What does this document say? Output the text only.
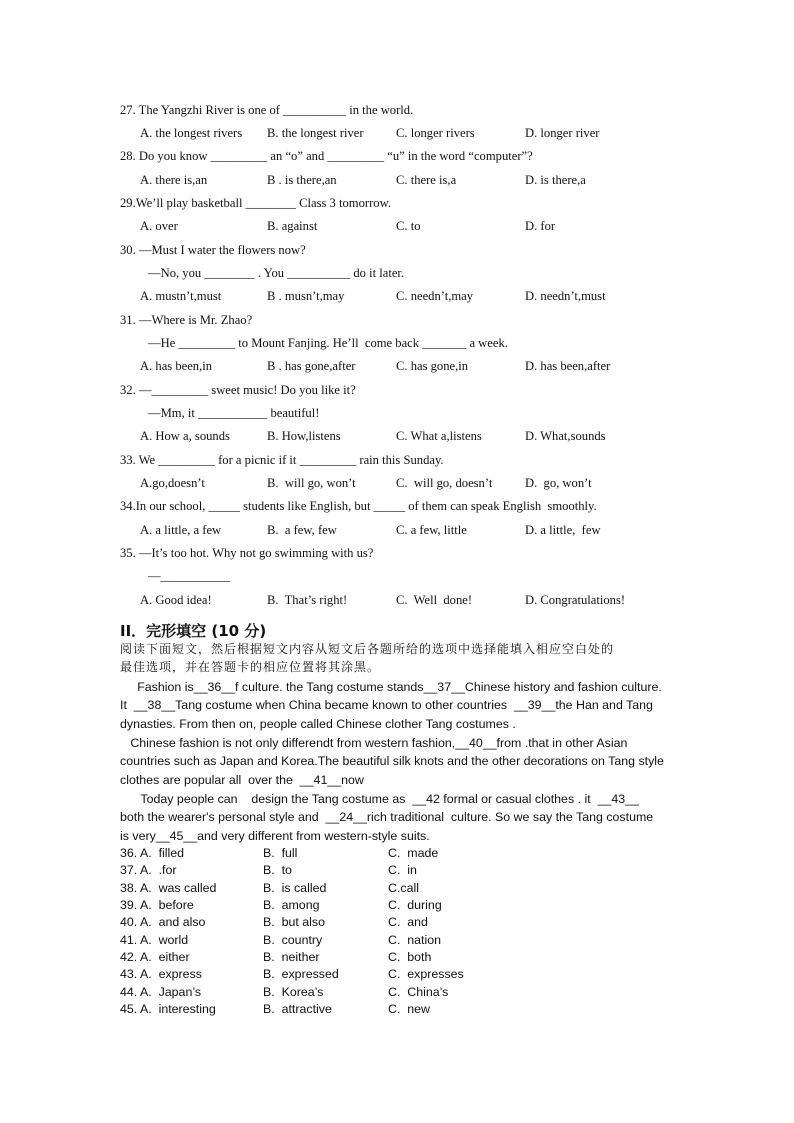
27. The Yangzhi River is one of __________ in the world.
A. the longest rivers B. the longest river	C. longer rivers	D. longer river
28. Do you know _________ an “o” and _________ “u” in the word “computer”?
A. there is,an	B . is there,an	C. there is,a	D. is there,a
29.We’ll play basketball ________ Class 3 tomorrow.
A. over	B. against	C. to	D. for
30. —Must I water the flowers now?
—No, you ________ . You __________ do it later.
A. mustn’t,must	B . musn’t,may	C. needn’t,may	D. needn’t,must
31. —Where is Mr. Zhao?
—He _________ to Mount Fanjing. He’ll  come back _______ a week.
A. has been,in	B . has gone,after	C. has gone,in	D. has been,after
32. —_________ sweet music! Do you like it?
—Mm, it ___________ beautiful!
A. How a, sounds	B. How,listens	C. What a,listens	D. What,sounds
33. We _________ for a picnic if it _________ rain this Sunday.
A.go,doesn’t	B.  will go, won’t	C.  will go, doesn’t	D.  go, won’t
34.In our school, _____ students like English, but _____ of them can speak English  smoothly.
A. a little, a few	B.  a few, few	C. a few, little	D. a little,  few
35. —It’s too hot. Why not go swimming with us?
—___________
A. Good idea!	B.  That’s right!	C.  Well  done!	D. Congratulations!
II．完形填空 (10 分)
阅读下面短文，然后根据短文内容从短文后各题所给的选项中选择能填入相应空白处的
最佳选项，并在答题卡的相应位置将其涂黑。
Fashion is__36__f culture. the Tang costume stands__37__Chinese history and fashion culture.
It  __38__Tang costume when China became known to other countries  __39__the Han and Tang
dynasties. From then on, people called Chinese clother Tang costumes .
Chinese fashion is not only differendt from western fashion,__40__from .that in other Asian
countries such as Japan and Korea.The beautiful silk knots and the other decorations on Tang style
clothes are popular all  over the  __41__now
Today people can    design the Tang costume as  __42 formal or casual clothes . it  __43__
both the wearer's personal style and  __24__rich traditional  culture. So we say the Tang costume
is very__45__and very different from western-style suits.
36. A.  filled	B.  full	C.  made
37. A.  .for	B.  to	C.  in
38. A.  was called	B.  is called	C.call
39. A.  before	B.  among	C.  during
40. A.  and also	B.  but also	C.  and
41. A.  world	B.  country	C.  nation
42. A.  either	B.  neither	C.  both
43. A.  express	B.  expressed	C.  expresses
44. A.  Japan’s	B.  Korea’s	C.  China’s
45. A.  interesting	B.  attractive	C.  new
